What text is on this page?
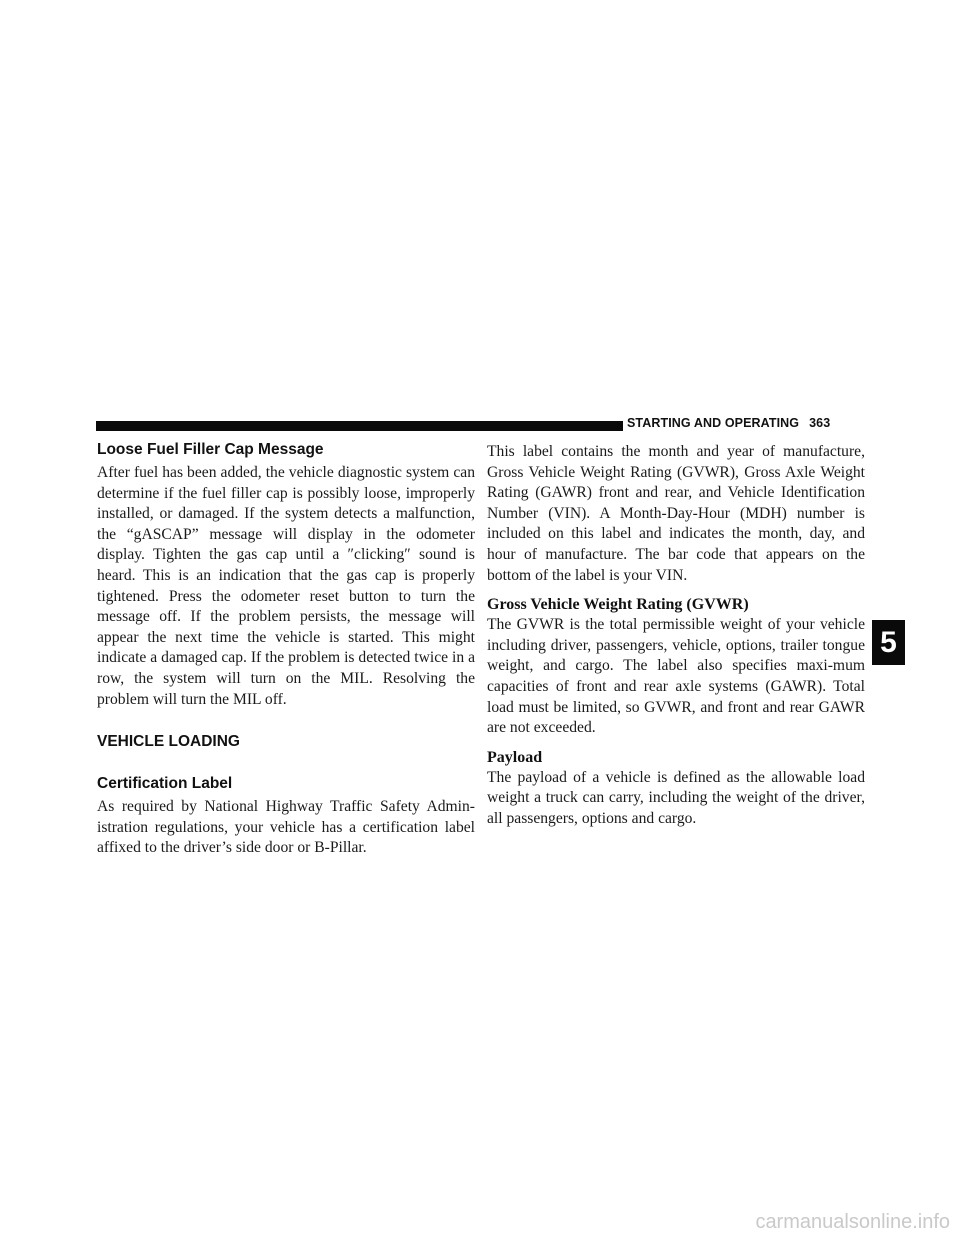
STARTING AND OPERATING 363
Loose Fuel Filler Cap Message

After fuel has been added, the vehicle diagnostic system can determine if the fuel filler cap is possibly loose, improperly installed, or damaged. If the system detects a malfunction, the “gASCAP” message will display in the odometer display. Tighten the gas cap until a ″clicking″ sound is heard. This is an indication that the gas cap is properly tightened. Press the odometer reset button to turn the message off. If the problem persists, the message will appear the next time the vehicle is started. This might indicate a damaged cap. If the problem is detected twice in a row, the system will turn on the MIL. Resolving the problem will turn the MIL off.

VEHICLE LOADING
Certification Label

As required by National Highway Traffic Safety Admin-istration regulations, your vehicle has a certification label affixed to the driver’s side door or B-Pillar.

This label contains the month and year of manufacture, Gross Vehicle Weight Rating (GVWR), Gross Axle Weight Rating (GAWR) front and rear, and Vehicle Identification Number (VIN). A Month-Day-Hour (MDH) number is included on this label and indicates the month, day, and hour of manufacture. The bar code that appears on the bottom of the label is your VIN.

Gross Vehicle Weight Rating (GVWR)

The GVWR is the total permissible weight of your vehicle including driver, passengers, vehicle, options, trailer tongue weight, and cargo. The label also specifies maxi-mum capacities of front and rear axle systems (GAWR). Total load must be limited, so GVWR, and front and rear GAWR are not exceeded.

Payload

The payload of a vehicle is defined as the allowable load weight a truck can carry, including the weight of the driver, all passengers, options and cargo.

5
carmanualsonline.info
